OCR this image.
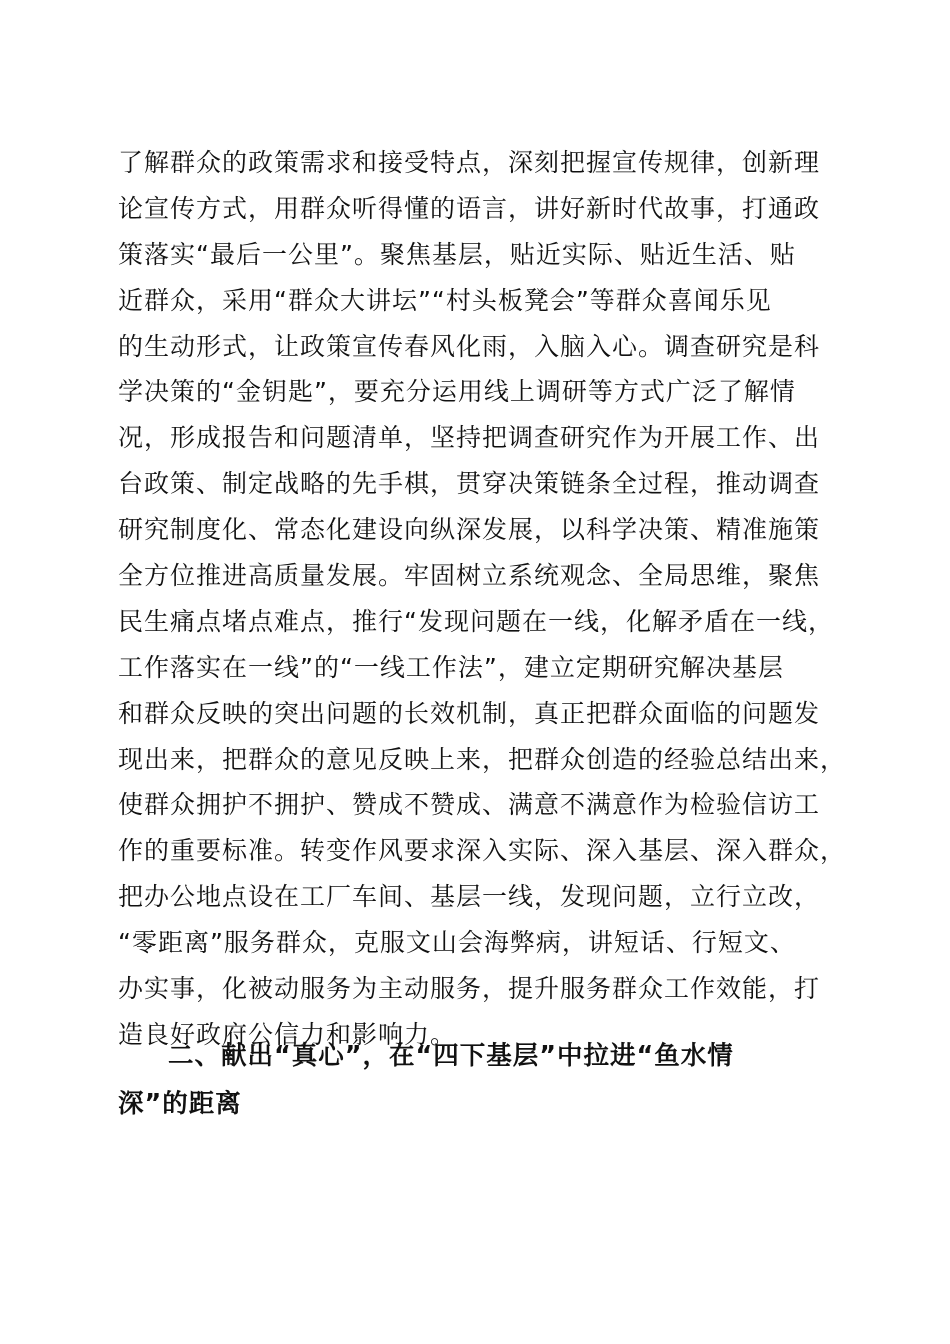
了解群众的政策需求和接受特点，深刻把握宣传规律，创新理
论宣传方式，用群众听得懂的语言，讲好新时代故事，打通政
策落实“最后一公里”。聚焦基层，贴近实际、贴近生活、贴
近群众，采用“群众大讲坛”“村头板凳会”等群众喜闻乐见
的生动形式，让政策宣传春风化雨，入脑入心。调查研究是科
学决策的“金钥匙”，要充分运用线上调研等方式广泛了解情
况，形成报告和问题清单，坚持把调查研究作为开展工作、出
台政策、制定战略的先手棋，贯穿决策链条全过程，推动调查
研究制度化、常态化建设向纵深发展，以科学决策、精准施策
全方位推进高质量发展。牢固树立系统观念、全局思维，聚焦
民生痛点堵点难点，推行“发现问题在一线，化解矛盾在一线，
工作落实在一线”的“一线工作法”，建立定期研究解决基层
和群众反映的突出问题的长效机制，真正把群众面临的问题发
现出来，把群众的意见反映上来，把群众创造的经验总结出来，
使群众拥护不拥护、赞成不赞成、满意不满意作为检验信访工
作的重要标准。转变作风要求深入实际、深入基层、深入群众，
把办公地点设在工厂车间、基层一线，发现问题，立行立改，
“零距离”服务群众，克服文山会海弊病，讲短话、行短文、
办实事，化被动服务为主动服务，提升服务群众工作效能，打
造良好政府公信力和影响力。
二、献出“真心”，在“四下基层”中拉进“鱼水情
深”的距离
